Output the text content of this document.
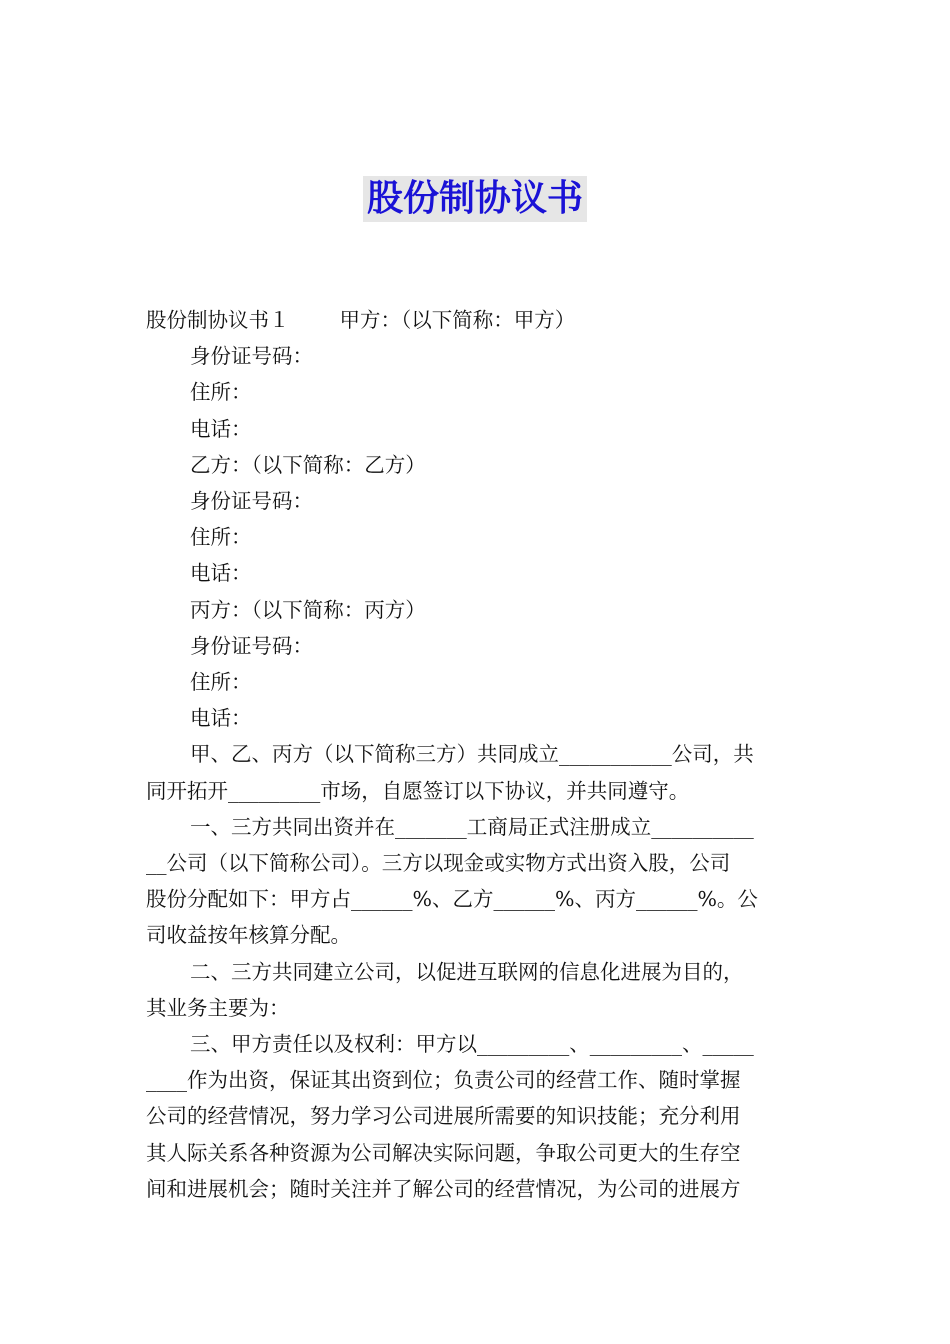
股份制协议书

股份制协议书１ 甲方：（以下简称：甲方）

身份证号码：

住所：

电话：

乙方：（以下简称：乙方）

身份证号码：

住所：

电话：

丙方：（以下简称：丙方）

身份证号码：

住所：

电话：

甲、乙、丙方（以下简称三方）共同成立___________公司，共

同开拓开_________市场，自愿签订以下协议，并共同遵守。

一、三方共同出资并在_______工商局正式注册成立__________

__公司（以下简称公司）。三方以现金或实物方式出资入股，公司

股份分配如下：甲方占______%、乙方______%、丙方______%。公

司收益按年核算分配。

二、三方共同建立公司，以促进互联网的信息化进展为目的，

其业务主要为：

三、甲方责任以及权利：甲方以_________、_________、_____

____作为出资，保证其出资到位；负责公司的经营工作、随时掌握

公司的经营情况，努力学习公司进展所需要的知识技能；充分利用

其人际关系各种资源为公司解决实际问题，争取公司更大的生存空

间和进展机会；随时关注并了解公司的经营情况，为公司的进展方
